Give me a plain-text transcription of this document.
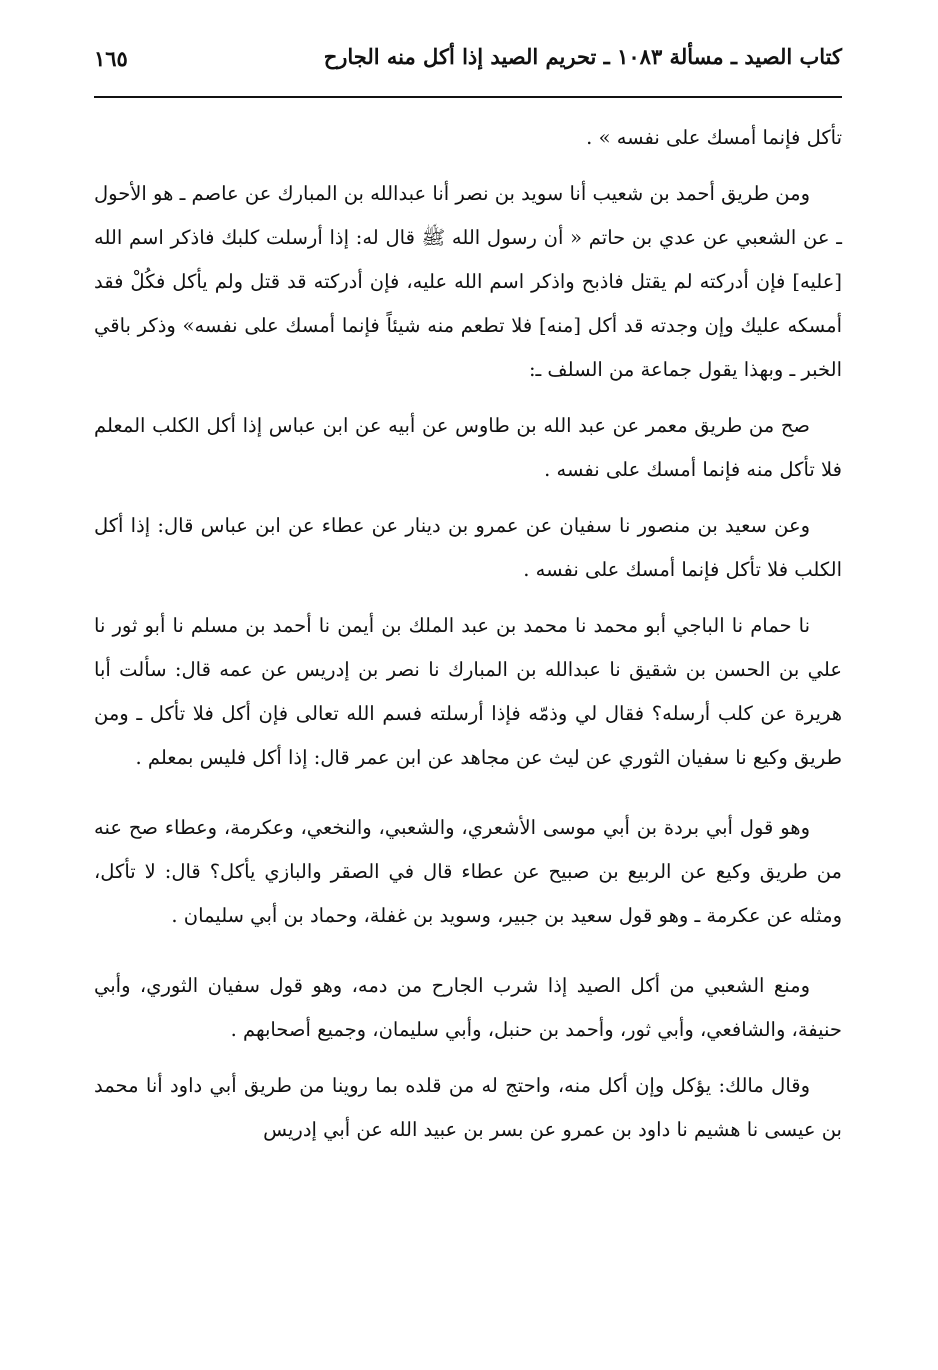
كتاب الصيد ـ مسألة ١٠٨٣ ـ تحريم الصيد إذا أكل منه الجارح
١٦٥

تأكل فإنما أمسك على نفسه » .

ومن طريق أحمد بن شعيب أنا سويد بن نصر أنا عبدالله بن المبارك عن عاصم ـ هو الأحول ـ عن الشعبي عن عدي بن حاتم « أن رسول الله ﷺ قال له: إذا أرسلت كلبك فاذكر اسم الله [عليه] فإن أدركته لم يقتل فاذبح واذكر اسم الله عليه، فإن أدركته قد قتل ولم يأكل فكُلْ فقد أمسكه عليك وإن وجدته قد أكل [منه] فلا تطعم منه شيئاً فإنما أمسك على نفسه» وذكر باقي الخبر ـ وبهذا يقول جماعة من السلف ـ:

صح من طريق معمر عن عبد الله بن طاوس عن أبيه عن ابن عباس إذا أكل الكلب المعلم فلا تأكل منه فإنما أمسك على نفسه .

وعن سعيد بن منصور نا سفيان عن عمرو بن دينار عن عطاء عن ابن عباس قال: إذا أكل الكلب فلا تأكل فإنما أمسك على نفسه .

نا حمام نا الباجي أبو محمد نا محمد بن عبد الملك بن أيمن نا أحمد بن مسلم نا أبو ثور نا علي بن الحسن بن شقيق نا عبدالله بن المبارك نا نصر بن إدريس عن عمه قال: سألت أبا هريرة عن كلب أرسله؟ فقال لي وذمّه فإذا أرسلته فسم الله تعالى فإن أكل فلا تأكل ـ ومن طريق وكيع نا سفيان الثوري عن ليث عن مجاهد عن ابن عمر قال: إذا أكل فليس بمعلم .

وهو قول أبي بردة بن أبي موسى الأشعري، والشعبي، والنخعي، وعكرمة، وعطاء صح عنه من طريق وكيع عن الربيع بن صبيح عن عطاء قال في الصقر والبازي يأكل؟ قال: لا تأكل، ومثله عن عكرمة ـ وهو قول سعيد بن جبير، وسويد بن غفلة، وحماد بن أبي سليمان .

ومنع الشعبي من أكل الصيد إذا شرب الجارح من دمه، وهو قول سفيان الثوري، وأبي حنيفة، والشافعي، وأبي ثور، وأحمد بن حنبل، وأبي سليمان، وجميع أصحابهم .

وقال مالك: يؤكل وإن أكل منه، واحتج له من قلده بما روينا من طريق أبي داود أنا محمد بن عيسى نا هشيم نا داود بن عمرو عن بسر بن عبيد الله عن أبي إدريس
